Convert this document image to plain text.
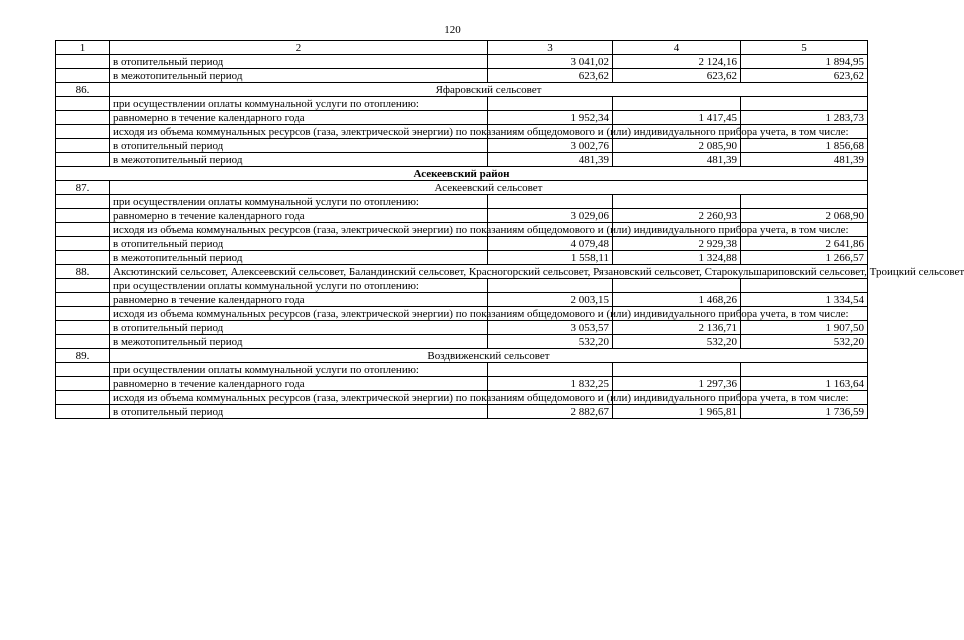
120
1	2	3	4	5
	в отопительный период	3 041,02	2 124,16	1 894,95
	в межотопительный период	623,62	623,62	623,62
86.	Яфаровский сельсовет			
	при осуществлении оплаты коммунальной услуги по отоплению:			
	равномерно в течение календарного года	1 952,34	1 417,45	1 283,73
	исходя из объема коммунальных ресурсов (газа, электрической энергии) по показаниям общедомового и (или) индивидуального прибора учета, в том числе:			
	в отопительный период	3 002,76	2 085,90	1 856,68
	в межотопительный период	481,39	481,39	481,39
Асекеевский район				
87.	Асекеевский сельсовет			
	при осуществлении оплаты коммунальной услуги по отоплению:			
	равномерно в течение календарного года	3 029,06	2 260,93	2 068,90
	исходя из объема коммунальных ресурсов (газа, электрической энергии) по показаниям общедомового и (или) индивидуального прибора учета, в том числе:			
	в отопительный период	4 079,48	2 929,38	2 641,86
	в межотопительный период	1 558,11	1 324,88	1 266,57
88.	Аксютинский сельсовет, Алексеевский сельсовет, Баландинский сельсовет, Красногорский сельсовет, Рязановский сельсовет, Старокульшариповский сельсовет, Троицкий сельсовет			
	при осуществлении оплаты коммунальной услуги по отоплению:			
	равномерно в течение календарного года	2 003,15	1 468,26	1 334,54
	исходя из объема коммунальных ресурсов (газа, электрической энергии) по показаниям общедомового и (или) индивидуального прибора учета, в том числе:			
	в отопительный период	3 053,57	2 136,71	1 907,50
	в межотопительный период	532,20	532,20	532,20
89.	Воздвиженский сельсовет			
	при осуществлении оплаты коммунальной услуги по отоплению:			
	равномерно в течение календарного года	1 832,25	1 297,36	1 163,64
	исходя из объема коммунальных ресурсов (газа, электрической энергии) по показаниям общедомового и (или) индивидуального прибора учета, в том числе:			
	в отопительный период	2 882,67	1 965,81	1 736,59
